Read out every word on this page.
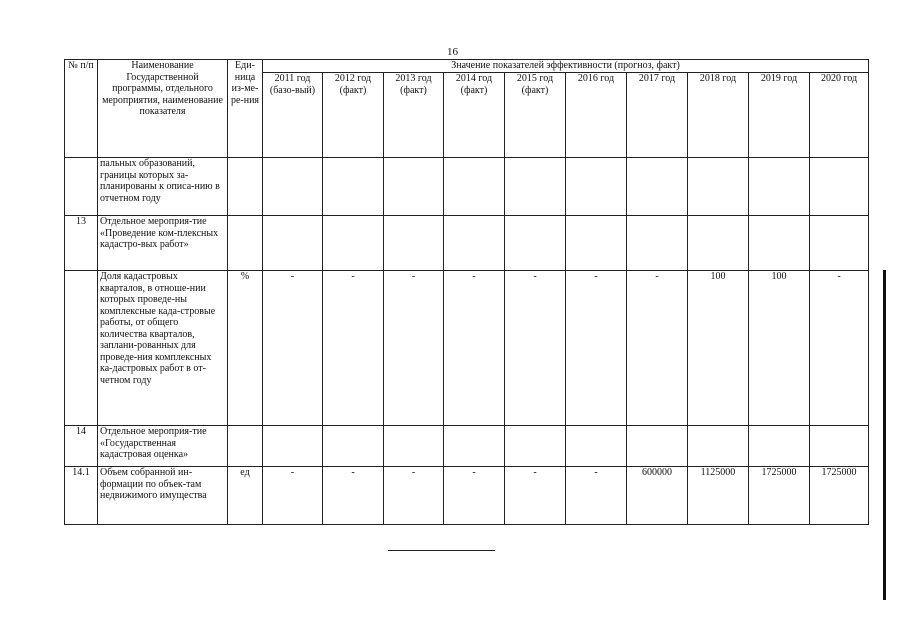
16
№ п/п	Наименование Государственной программы, отдельного мероприятия, наименование показателя	Еди-ница из-ме-ре-ния	Значение показателей эффективности (прогноз, факт)									
			2011 год (базо-вый)	2012 год (факт)	2013 год (факт)	2014 год (факт)	2015 год (факт)	2016 год	2017 год	2018 год	2019 год	2020 год
	пальных образований, границы которых за-планированы к описа-нию в отчетном году											
13	Отдельное мероприя-тие «Проведение ком-плексных кадастро-вых работ»											
	Доля кадастровых кварталов, в отноше-нии которых проведе-ны комплексные када-стровые работы, от общего количества кварталов, заплани-рованных для проведе-ния комплексных ка-дастровых работ в от-четном году	%	-	-	-	-	-	-	-	100	100	-
14	Отдельное мероприя-тие «Государственная кадастровая оценка»											
14.1	Объем собранной ин-формации по объек-там недвижимого имущества	ед	-	-	-	-	-	-	600000	1125000	1725000	1725000
